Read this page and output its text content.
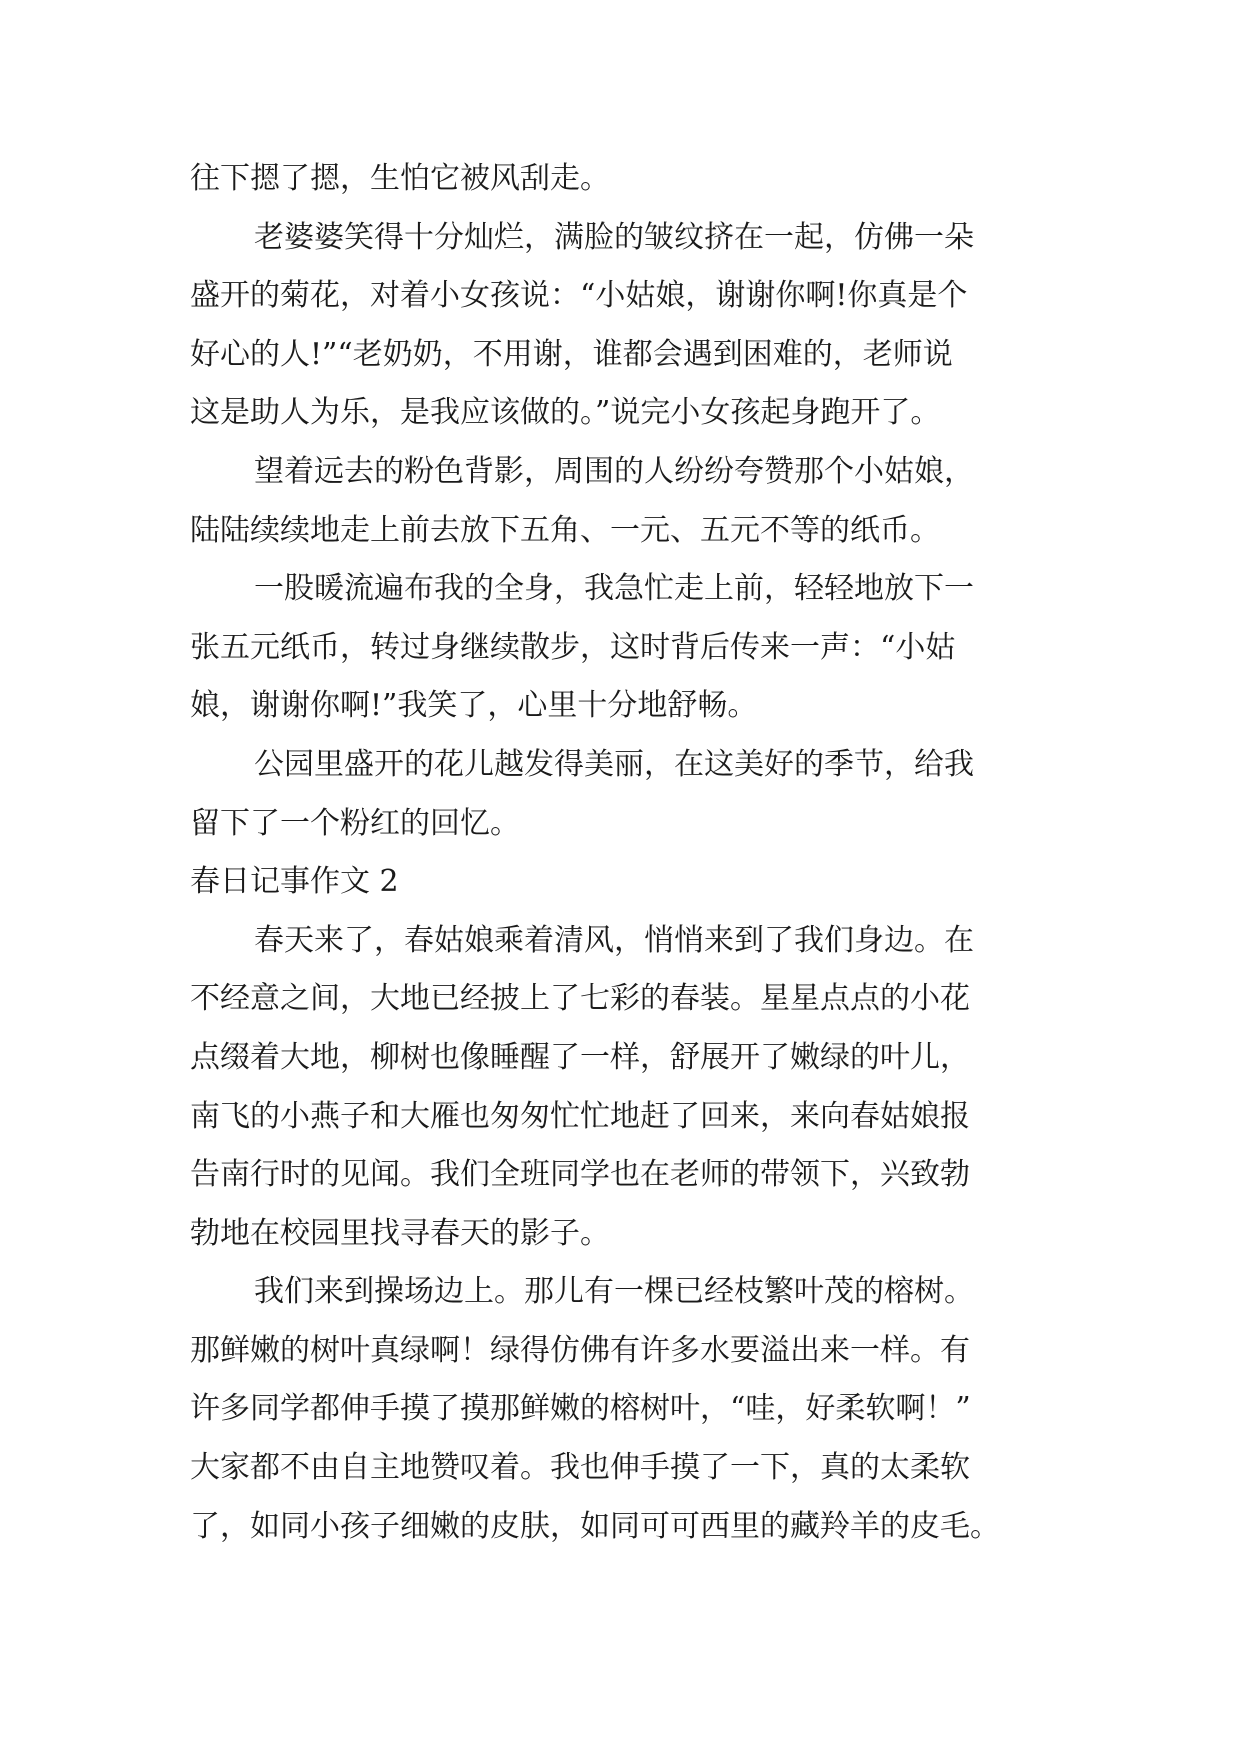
往下摁了摁，生怕它被风刮走。
老婆婆笑得十分灿烂，满脸的皱纹挤在一起，仿佛一朵
盛开的菊花，对着小女孩说：“小姑娘，谢谢你啊!你真是个
好心的人!”“老奶奶，不用谢，谁都会遇到困难的，老师说
这是助人为乐，是我应该做的。”说完小女孩起身跑开了。
望着远去的粉色背影，周围的人纷纷夸赞那个小姑娘，
陆陆续续地走上前去放下五角、一元、五元不等的纸币。
一股暖流遍布我的全身，我急忙走上前，轻轻地放下一
张五元纸币，转过身继续散步，这时背后传来一声：“小姑
娘，谢谢你啊!”我笑了，心里十分地舒畅。
公园里盛开的花儿越发得美丽，在这美好的季节，给我
留下了一个粉红的回忆。
春日记事作文 2
春天来了，春姑娘乘着清风，悄悄来到了我们身边。在
不经意之间，大地已经披上了七彩的春装。星星点点的小花
点缀着大地，柳树也像睡醒了一样，舒展开了嫩绿的叶儿，
南飞的小燕子和大雁也匆匆忙忙地赶了回来，来向春姑娘报
告南行时的见闻。我们全班同学也在老师的带领下，兴致勃
勃地在校园里找寻春天的影子。
我们来到操场边上。那儿有一棵已经枝繁叶茂的榕树。
那鲜嫩的树叶真绿啊！绿得仿佛有许多水要溢出来一样。有
许多同学都伸手摸了摸那鲜嫩的榕树叶，“哇，好柔软啊！”
大家都不由自主地赞叹着。我也伸手摸了一下，真的太柔软
了，如同小孩子细嫩的皮肤，如同可可西里的藏羚羊的皮毛。
